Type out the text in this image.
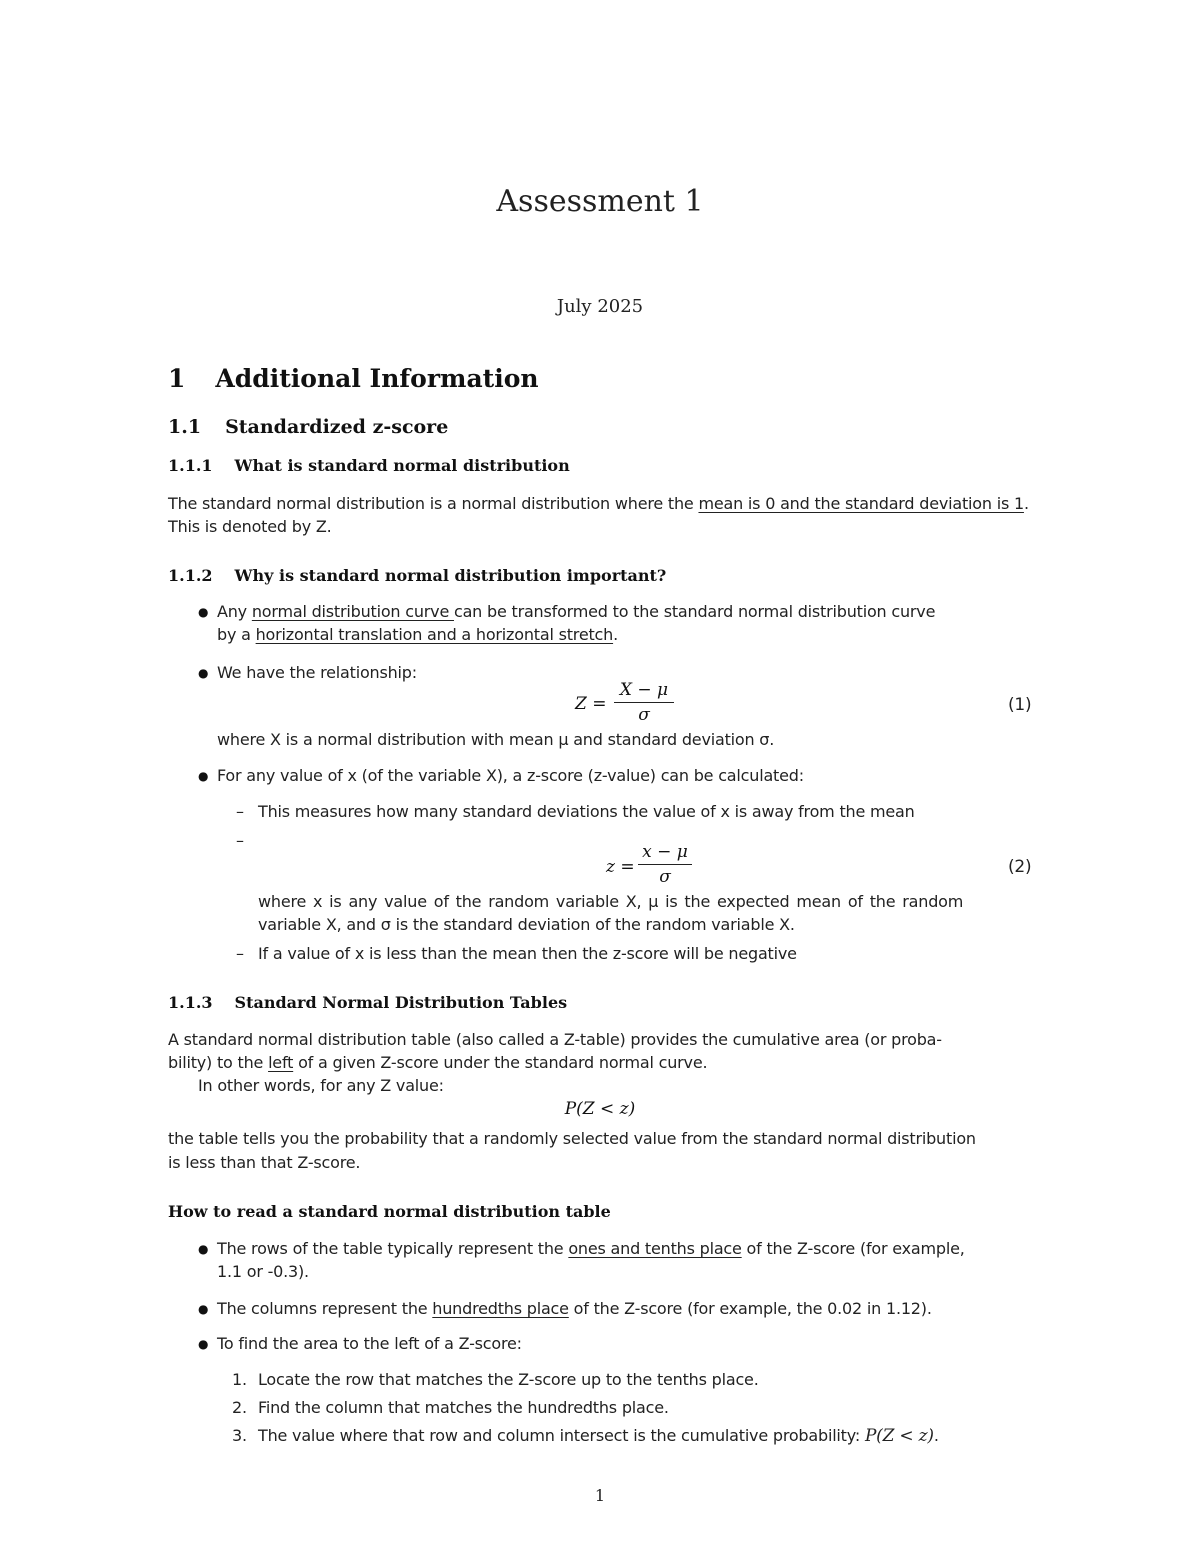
Assessment 1
July 2025
1 Additional Information
1.1 Standardized z-score
1.1.1 What is standard normal distribution
The standard normal distribution is a normal distribution where the mean is 0 and the standard deviation is 1.
This is denoted by Z.
1.1.2 Why is standard normal distribution important?
● Any normal distribution curve can be transformed to the standard normal distribution curve
by a horizontal translation and a horizontal stretch.
● We have the relationship:
Z =
X − μ
σ	(1)
where X is a normal distribution with mean μ and standard deviation σ.
● For any value of x (of the variable X), a z-score (z-value) can be calculated:
– This measures how many standard deviations the value of x is away from the mean
–
z =
x − μ
σ	(2)
where x is any value of the random variable X, μ is the expected mean of the random
variable X, and σ is the standard deviation of the random variable X.
– If a value of x is less than the mean then the z-score will be negative
1.1.3 Standard Normal Distribution Tables
A standard normal distribution table (also called a Z-table) provides the cumulative area (or proba-
bility) to the left of a given Z-score under the standard normal curve.
In other words, for any Z value:
P(Z < z)
the table tells you the probability that a randomly selected value from the standard normal distribution
is less than that Z-score.
How to read a standard normal distribution table
● The rows of the table typically represent the ones and tenths place of the Z-score (for example,
1.1 or -0.3).
● The columns represent the hundredths place of the Z-score (for example, the 0.02 in 1.12).
● To find the area to the left of a Z-score:
1. Locate the row that matches the Z-score up to the tenths place.
2. Find the column that matches the hundredths place.
3. The value where that row and column intersect is the cumulative probability: P(Z < z).
1
